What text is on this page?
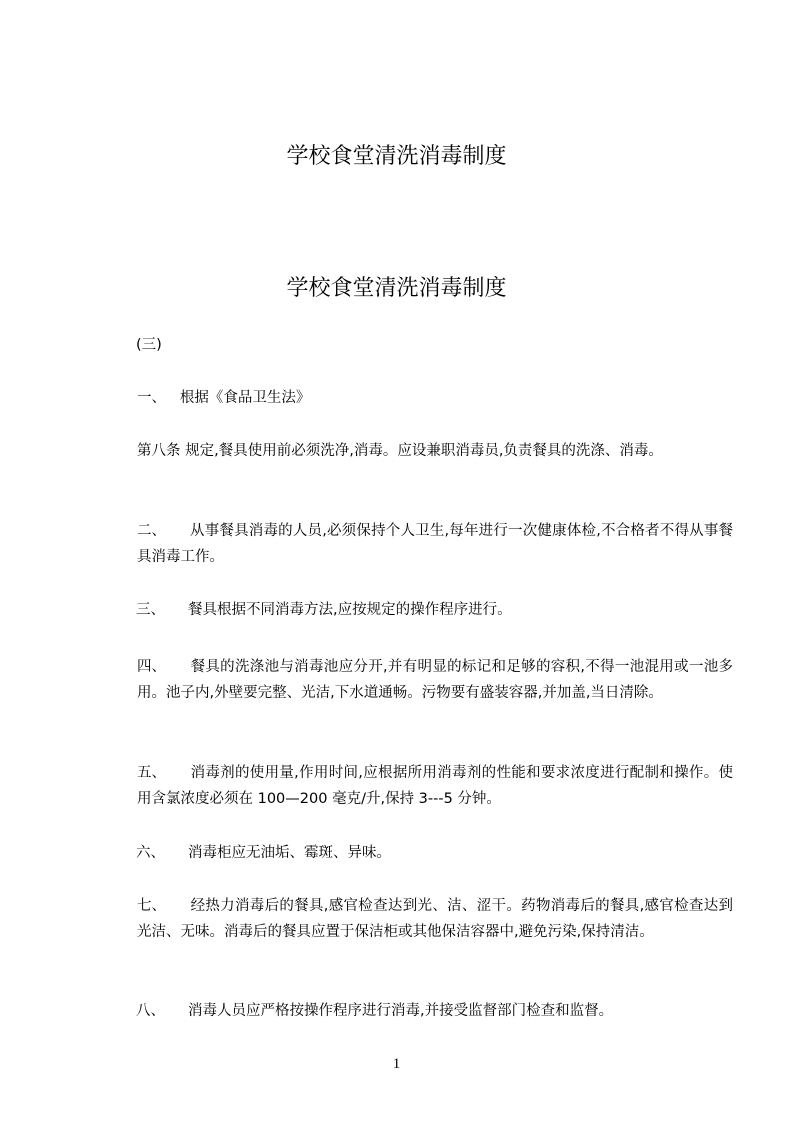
学校食堂清洗消毒制度
学校食堂清洗消毒制度

(三)

一、 根据《食品卫生法》

第八条 规定,餐具使用前必须洗净,消毒。应设兼职消毒员,负责餐具的洗涤、消毒。

二、 从事餐具消毒的人员,必须保持个人卫生,每年进行一次健康体检,不合格者不得从事餐具消毒工作。

三、 餐具根据不同消毒方法,应按规定的操作程序进行。

四、 餐具的洗涤池与消毒池应分开,并有明显的标记和足够的容积,不得一池混用或一池多用。池子内,外壁要完整、光洁,下水道通畅。污物要有盛装容器,并加盖,当日清除。

五、 消毒剂的使用量,作用时间,应根据所用消毒剂的性能和要求浓度进行配制和操作。使用含氯浓度必须在 100—200 毫克/升,保持 3---5 分钟。

六、 消毒柜应无油垢、霉斑、异味。

七、 经热力消毒后的餐具,感官检查达到光、洁、涩干。药物消毒后的餐具,感官检查达到光洁、无味。消毒后的餐具应置于保洁柜或其他保洁容器中,避免污染,保持清洁。

八、 消毒人员应严格按操作程序进行消毒,并接受监督部门检查和监督。

1
